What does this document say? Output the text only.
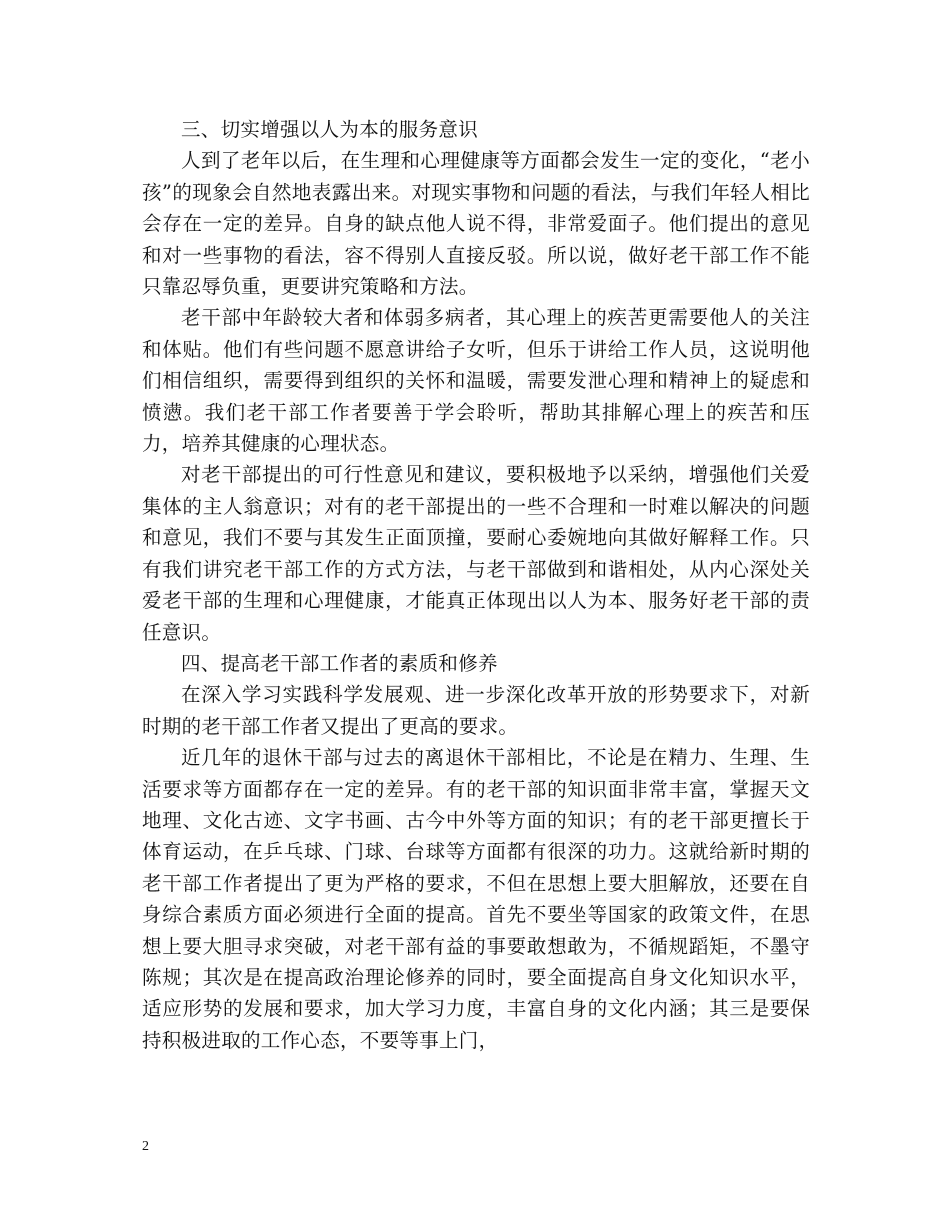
三、切实增强以人为本的服务意识

人到了老年以后，在生理和心理健康等方面都会发生一定的变化，“老小孩”的现象会自然地表露出来。对现实事物和问题的看法，与我们年轻人相比会存在一定的差异。自身的缺点他人说不得，非常爱面子。他们提出的意见和对一些事物的看法，容不得别人直接反驳。所以说，做好老干部工作不能只靠忍辱负重，更要讲究策略和方法。

老干部中年龄较大者和体弱多病者，其心理上的疾苦更需要他人的关注和体贴。他们有些问题不愿意讲给子女听，但乐于讲给工作人员，这说明他们相信组织，需要得到组织的关怀和温暖，需要发泄心理和精神上的疑虑和愤懑。我们老干部工作者要善于学会聆听，帮助其排解心理上的疾苦和压力，培养其健康的心理状态。

对老干部提出的可行性意见和建议，要积极地予以采纳，增强他们关爱集体的主人翁意识；对有的老干部提出的一些不合理和一时难以解决的问题和意见，我们不要与其发生正面顶撞，要耐心委婉地向其做好解释工作。只有我们讲究老干部工作的方式方法，与老干部做到和谐相处，从内心深处关爱老干部的生理和心理健康，才能真正体现出以人为本、服务好老干部的责任意识。

四、提高老干部工作者的素质和修养

在深入学习实践科学发展观、进一步深化改革开放的形势要求下，对新时期的老干部工作者又提出了更高的要求。

近几年的退休干部与过去的离退休干部相比，不论是在精力、生理、生活要求等方面都存在一定的差异。有的老干部的知识面非常丰富，掌握天文地理、文化古迹、文字书画、古今中外等方面的知识；有的老干部更擅长于体育运动，在乒乓球、门球、台球等方面都有很深的功力。这就给新时期的老干部工作者提出了更为严格的要求，不但在思想上要大胆解放，还要在自身综合素质方面必须进行全面的提高。首先不要坐等国家的政策文件，在思想上要大胆寻求突破，对老干部有益的事要敢想敢为，不循规蹈矩，不墨守陈规；其次是在提高政治理论修养的同时，要全面提高自身文化知识水平，适应形势的发展和要求，加大学习力度，丰富自身的文化内涵；其三是要保持积极进取的工作心态，不要等事上门，

2
